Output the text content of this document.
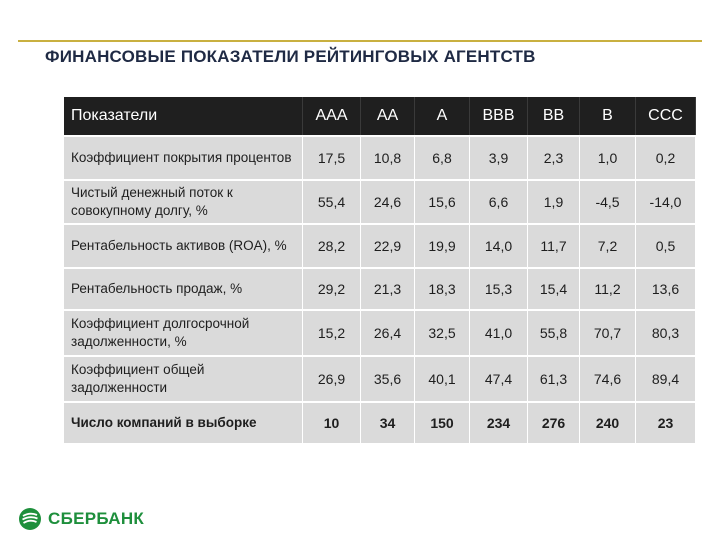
ФИНАНСОВЫЕ ПОКАЗАТЕЛИ РЕЙТИНГОВЫХ АГЕНТСТВ
Показатели	ААА	АА	А	ВВВ	ВВ	В	ССС
Коэффициент покрытия процентов	17,5	10,8	6,8	3,9	2,3	1,0	0,2
Чистый денежный поток к совокупному долгу, %	55,4	24,6	15,6	6,6	1,9	-4,5	-14,0
Рентабельность активов (ROA), %	28,2	22,9	19,9	14,0	11,7	7,2	0,5
Рентабельность продаж, %	29,2	21,3	18,3	15,3	15,4	11,2	13,6
Коэффициент долгосрочной задолженности, %	15,2	26,4	32,5	41,0	55,8	70,7	80,3
Коэффициент общей задолженности	26,9	35,6	40,1	47,4	61,3	74,6	89,4
Число компаний в выборке	10	34	150	234	276	240	23
СБЕРБАНК
